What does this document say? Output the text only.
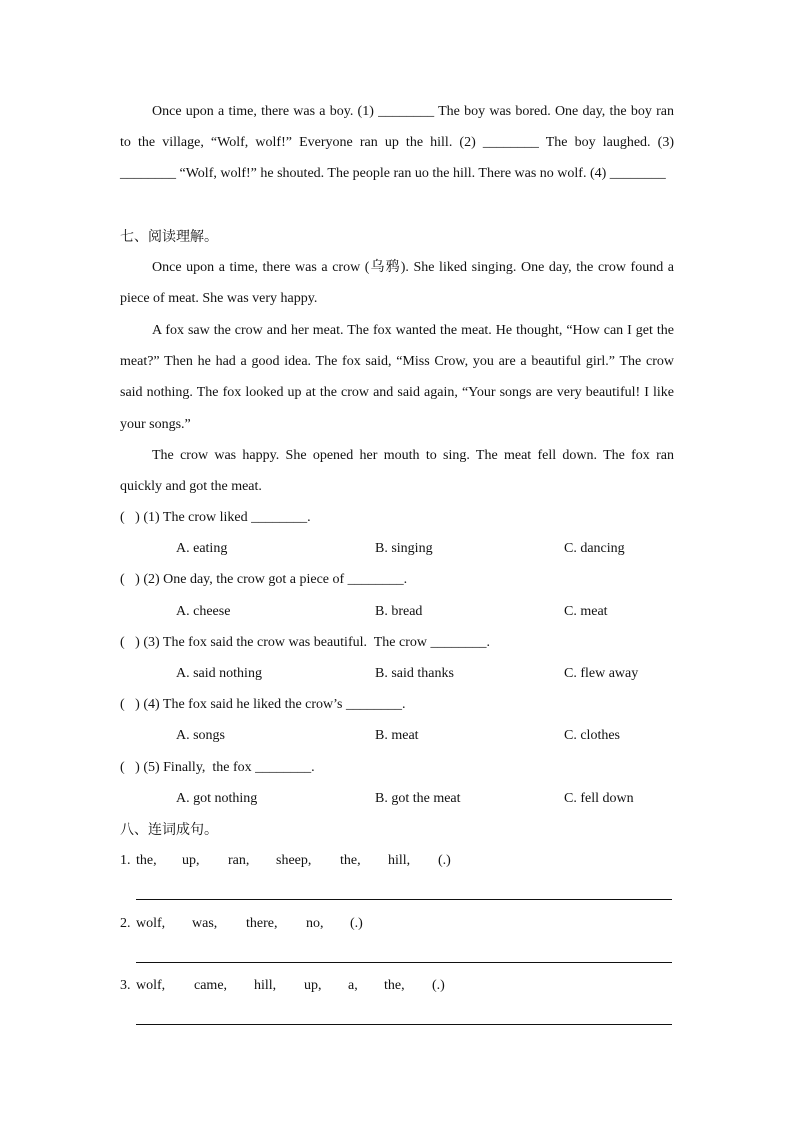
Once upon a time, there was a boy. (1) ________ The boy was bored. One day, the boy ran to the village, “Wolf, wolf!” Everyone ran up the hill. (2) ________ The boy laughed. (3) ________ “Wolf, wolf!” he shouted. The people ran uo the hill. There was no wolf. (4) ________

七、阅读理解。

Once upon a time, there was a crow (乌鸦). She liked singing. One day, the crow found a piece of meat. She was very happy.

A fox saw the crow and her meat. The fox wanted the meat. He thought, “How can I get the meat?” Then he had a good idea. The fox said, “Miss Crow, you are a beautiful girl.” The crow said nothing. The fox looked up at the crow and said again, “Your songs are very beautiful! I like your songs.”

The crow was happy. She opened her mouth to sing. The meat fell down. The fox ran quickly and got the meat.

(   ) (1) The crow liked ________.
A. eating	B. singing	C. dancing
(   ) (2) One day, the crow got a piece of ________.
A. cheese	B. bread	C. meat
(   ) (3) The fox said the crow was beautiful.  The crow ________.
A. said nothing	B. said thanks	C. flew away
(   ) (4) The fox said he liked the crow’s ________.
A. songs	B. meat	C. clothes
(   ) (5) Finally,  the fox ________.
A. got nothing	B. got the meat	C. fell down
八、连词成句。
1. the, up, ran, sheep, the, hill, (.)
2. wolf, was, there, no, (.)
3. wolf, came, hill, up, a, the, (.)
